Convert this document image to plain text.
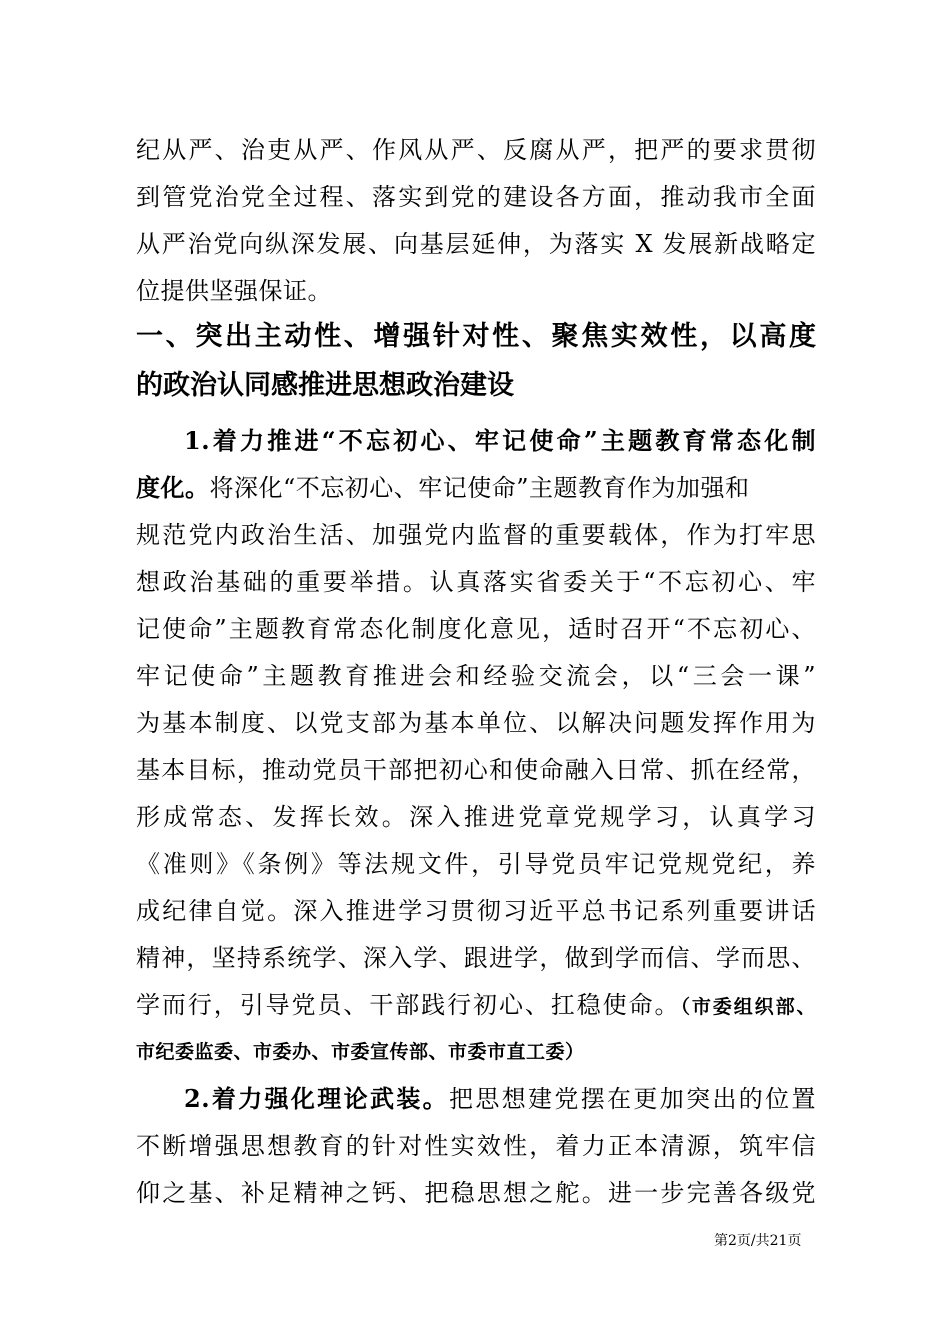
纪从严、治吏从严、作风从严、反腐从严，把严的要求贯彻
到管党治党全过程、落实到党的建设各方面，推动我市全面
从严治党向纵深发展、向基层延伸，为落实 X 发展新战略定
位提供坚强保证。
一、突出主动性、增强针对性、聚焦实效性，以高度
的政治认同感推进思想政治建设
1.着力推进“不忘初心、牢记使命”主题教育常态化制
度化。将深化“不忘初心、牢记使命”主题教育作为加强和
规范党内政治生活、加强党内监督的重要载体，作为打牢思
想政治基础的重要举措。认真落实省委关于“不忘初心、牢
记使命”主题教育常态化制度化意见，适时召开“不忘初心、
牢记使命”主题教育推进会和经验交流会，以“三会一课”
为基本制度、以党支部为基本单位、以解决问题发挥作用为
基本目标，推动党员干部把初心和使命融入日常、抓在经常，
形成常态、发挥长效。深入推进党章党规学习，认真学习
《准则》《条例》等法规文件，引导党员牢记党规党纪，养
成纪律自觉。深入推进学习贯彻习近平总书记系列重要讲话
精神，坚持系统学、深入学、跟进学，做到学而信、学而思、
学而行，引导党员、干部践行初心、扛稳使命。（市委组织部、
市纪委监委、市委办、市委宣传部、市委市直工委）
2.着力强化理论武装。把思想建党摆在更加突出的位置
不断增强思想教育的针对性实效性，着力正本清源，筑牢信
仰之基、补足精神之钙、把稳思想之舵。进一步完善各级党
第2页/共21页
